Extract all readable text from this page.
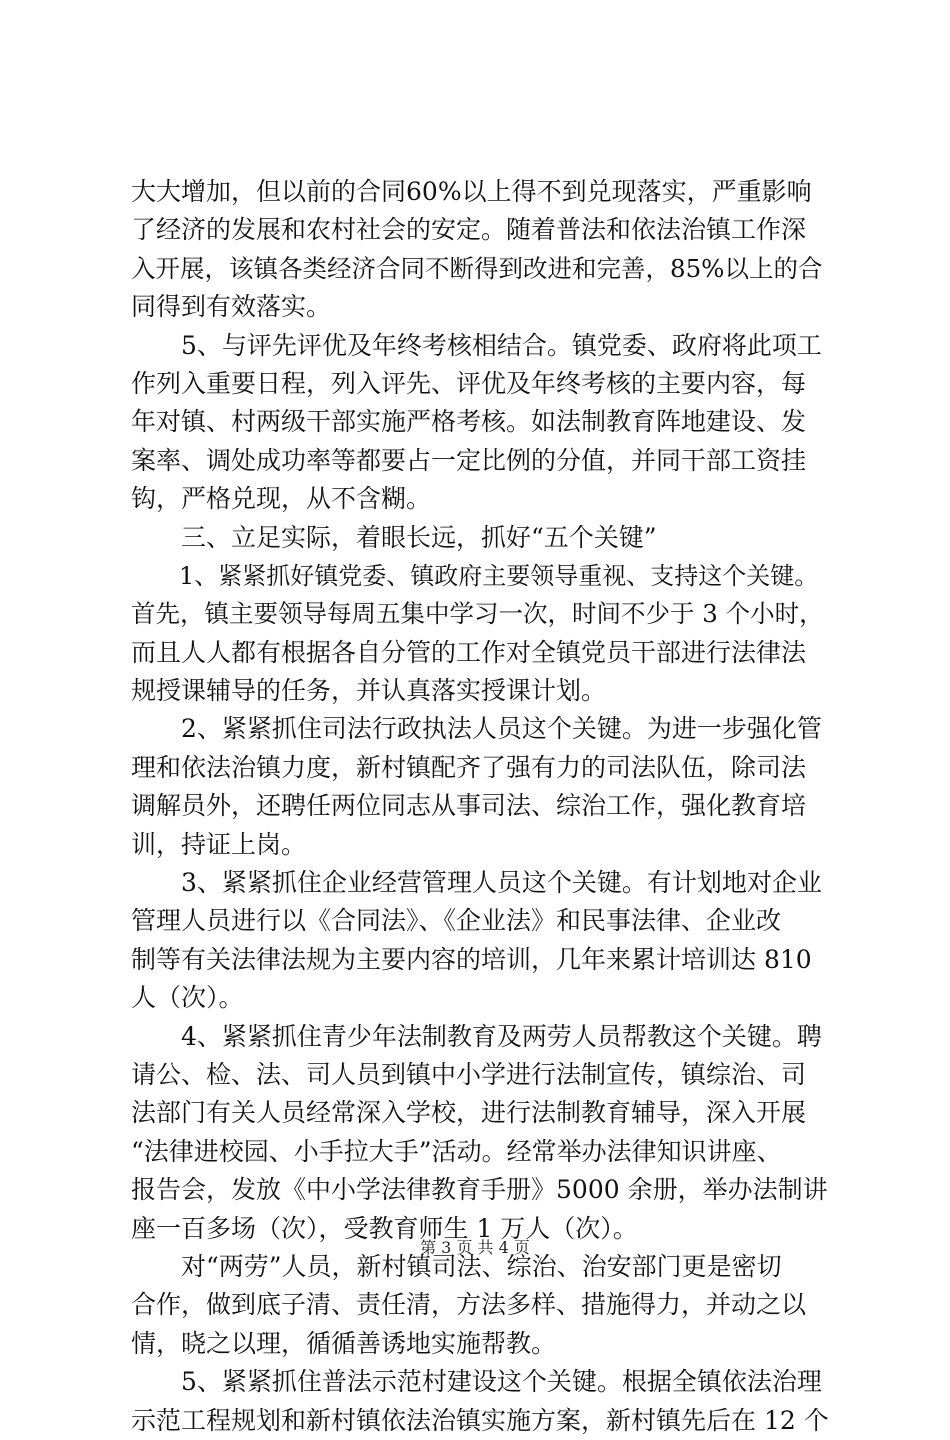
大大增加，但以前的合同60%以上得不到兑现落实，严重影响
了经济的发展和农村社会的安定。随着普法和依法治镇工作深
入开展，该镇各类经济合同不断得到改进和完善，85%以上的合
同得到有效落实。
　　5、与评先评优及年终考核相结合。镇党委、政府将此项工
作列入重要日程，列入评先、评优及年终考核的主要内容，每
年对镇、村两级干部实施严格考核。如法制教育阵地建设、发
案率、调处成功率等都要占一定比例的分值，并同干部工资挂
钩，严格兑现，从不含糊。
　　三、立足实际，着眼长远，抓好“五个关键”
　　1、紧紧抓好镇党委、镇政府主要领导重视、支持这个关键。
首先，镇主要领导每周五集中学习一次，时间不少于 3 个小时，
而且人人都有根据各自分管的工作对全镇党员干部进行法律法
规授课辅导的任务，并认真落实授课计划。
　　2、紧紧抓住司法行政执法人员这个关键。为进一步强化管
理和依法治镇力度，新村镇配齐了强有力的司法队伍，除司法
调解员外，还聘任两位同志从事司法、综治工作，强化教育培
训，持证上岗。
　　3、紧紧抓住企业经营管理人员这个关键。有计划地对企业
管理人员进行以《合同法》、《企业法》和民事法律、企业改
制等有关法律法规为主要内容的培训，几年来累计培训达 810
人（次）。
　　4、紧紧抓住青少年法制教育及两劳人员帮教这个关键。聘
请公、检、法、司人员到镇中小学进行法制宣传，镇综治、司
法部门有关人员经常深入学校，进行法制教育辅导，深入开展
“法律进校园、小手拉大手”活动。经常举办法律知识讲座、
报告会，发放《中小学法律教育手册》5000 余册，举办法制讲
座一百多场（次），受教育师生 1 万人（次）。
　　对“两劳”人员，新村镇司法、综治、治安部门更是密切
合作，做到底子清、责任清，方法多样、措施得力，并动之以
情，晓之以理，循循善诱地实施帮教。
　　5、紧紧抓住普法示范村建设这个关键。根据全镇依法治理
示范工程规划和新村镇依法治镇实施方案，新村镇先后在 12 个
第 3 页 共 4 页
